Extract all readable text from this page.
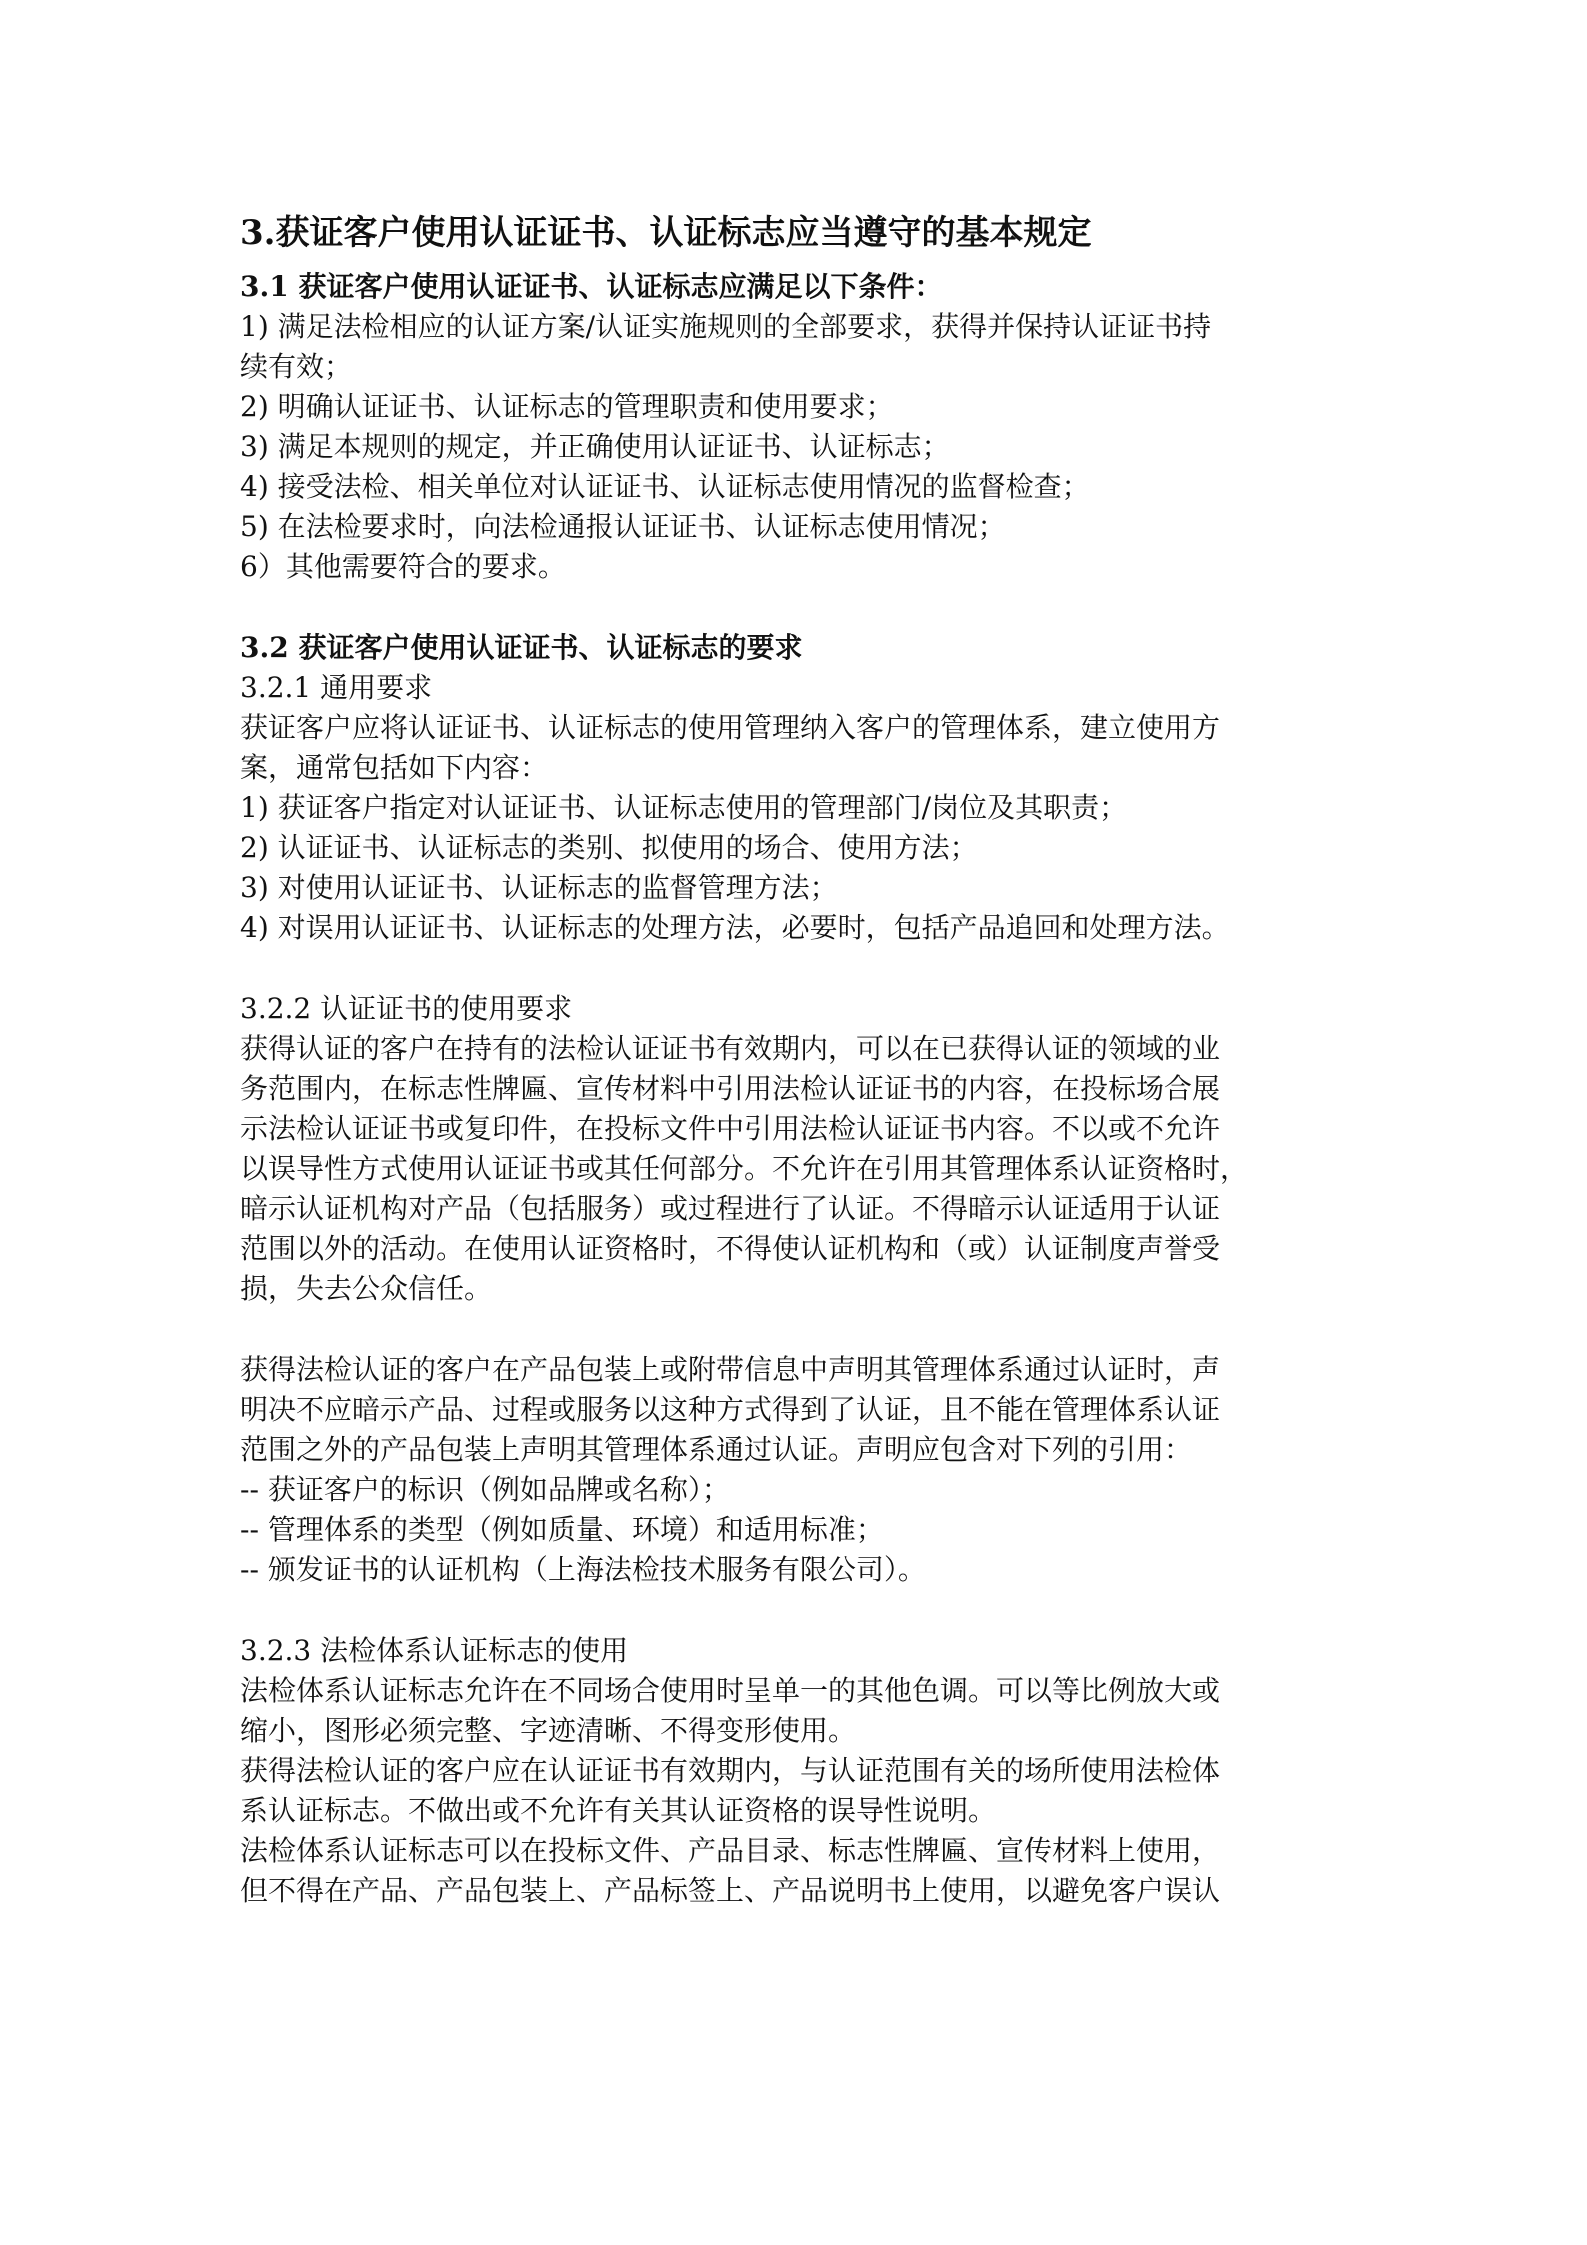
3.获证客户使用认证证书、认证标志应当遵守的基本规定
3.1 获证客户使用认证证书、认证标志应满足以下条件：
1) 满足法检相应的认证方案/认证实施规则的全部要求，获得并保持认证证书持
续有效；
2) 明确认证证书、认证标志的管理职责和使用要求；
3) 满足本规则的规定，并正确使用认证证书、认证标志；
4) 接受法检、相关单位对认证证书、认证标志使用情况的监督检查；
5) 在法检要求时，向法检通报认证证书、认证标志使用情况；
6）其他需要符合的要求。
3.2 获证客户使用认证证书、认证标志的要求
3.2.1 通用要求
获证客户应将认证证书、认证标志的使用管理纳入客户的管理体系，建立使用方
案，通常包括如下内容：
1) 获证客户指定对认证证书、认证标志使用的管理部门/岗位及其职责；
2) 认证证书、认证标志的类别、拟使用的场合、使用方法；
3) 对使用认证证书、认证标志的监督管理方法；
4) 对误用认证证书、认证标志的处理方法，必要时，包括产品追回和处理方法。
3.2.2 认证证书的使用要求
获得认证的客户在持有的法检认证证书有效期内，可以在已获得认证的领域的业
务范围内，在标志性牌匾、宣传材料中引用法检认证证书的内容，在投标场合展
示法检认证证书或复印件，在投标文件中引用法检认证证书内容。不以或不允许
以误导性方式使用认证证书或其任何部分。不允许在引用其管理体系认证资格时，
暗示认证机构对产品（包括服务）或过程进行了认证。不得暗示认证适用于认证
范围以外的活动。在使用认证资格时，不得使认证机构和（或）认证制度声誉受
损，失去公众信任。
获得法检认证的客户在产品包装上或附带信息中声明其管理体系通过认证时，声
明决不应暗示产品、过程或服务以这种方式得到了认证，且不能在管理体系认证
范围之外的产品包装上声明其管理体系通过认证。声明应包含对下列的引用：
-- 获证客户的标识（例如品牌或名称）；
-- 管理体系的类型（例如质量、环境）和适用标准；
-- 颁发证书的认证机构（上海法检技术服务有限公司）。
3.2.3 法检体系认证标志的使用
法检体系认证标志允许在不同场合使用时呈单一的其他色调。可以等比例放大或
缩小，图形必须完整、字迹清晰、不得变形使用。
获得法检认证的客户应在认证证书有效期内，与认证范围有关的场所使用法检体
系认证标志。不做出或不允许有关其认证资格的误导性说明。
法检体系认证标志可以在投标文件、产品目录、标志性牌匾、宣传材料上使用，
但不得在产品、产品包装上、产品标签上、产品说明书上使用，以避免客户误认
